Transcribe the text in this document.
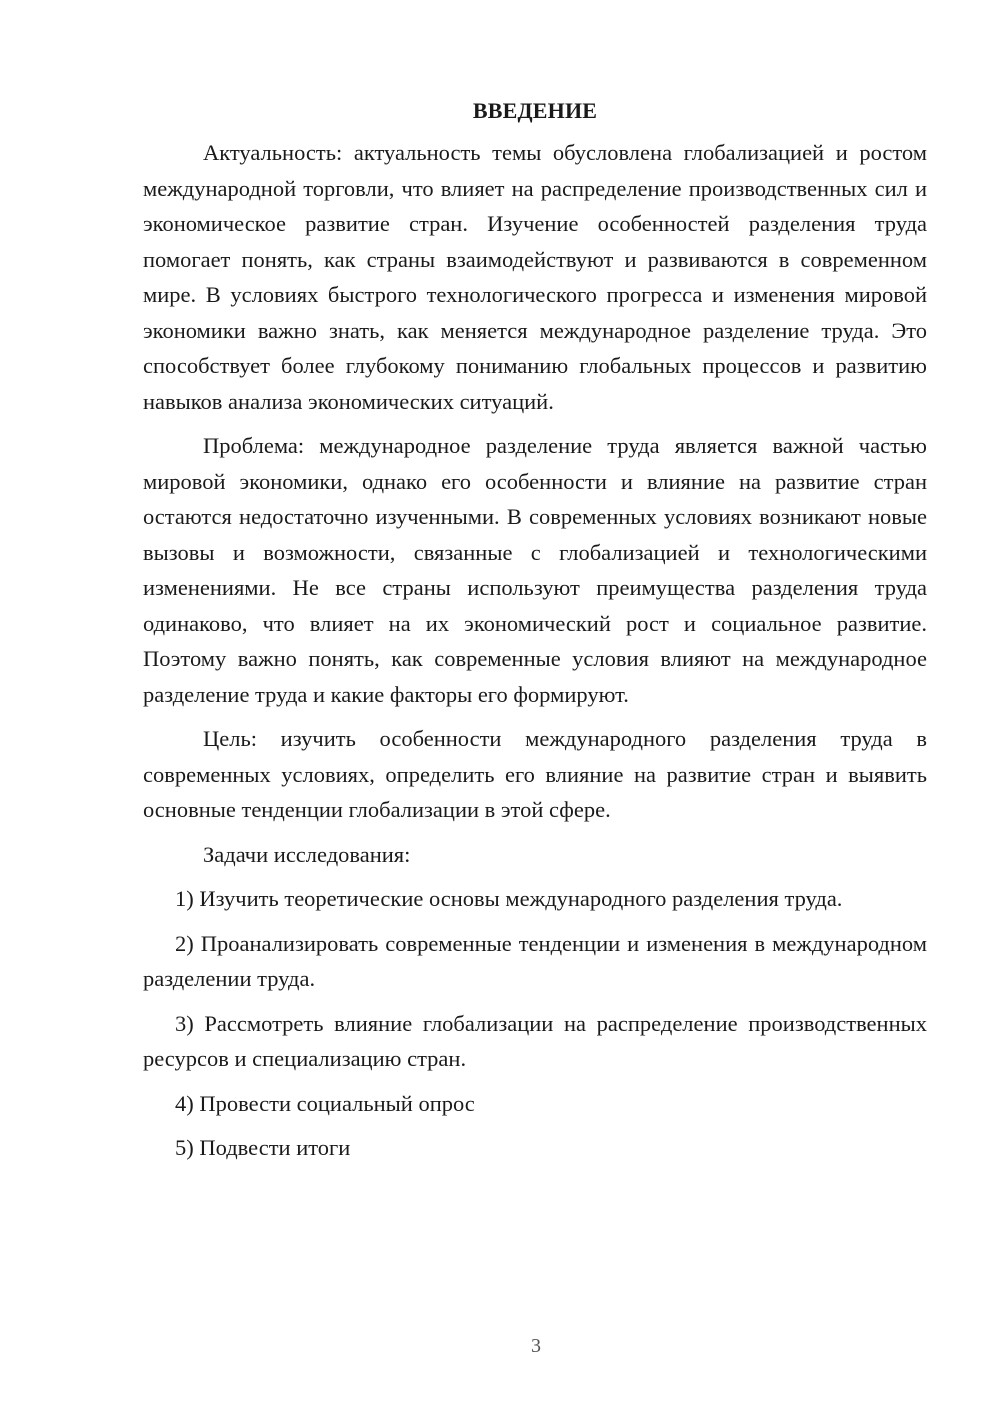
ВВЕДЕНИЕ

Актуальность: актуальность темы обусловлена глобализацией и ростом международной торговли, что влияет на распределение производственных сил и экономическое развитие стран. Изучение особенностей разделения труда помогает понять, как страны взаимодействуют и развиваются в современном мире. В условиях быстрого технологического прогресса и изменения мировой экономики важно знать, как меняется международное разделение труда. Это способствует более глубокому пониманию глобальных процессов и развитию навыков анализа экономических ситуаций.

Проблема: международное разделение труда является важной частью мировой экономики, однако его особенности и влияние на развитие стран остаются недостаточно изученными. В современных условиях возникают новые вызовы и возможности, связанные с глобализацией и технологическими изменениями. Не все страны используют преимущества разделения труда одинаково, что влияет на их экономический рост и социальное развитие. Поэтому важно понять, как современные условия влияют на международное разделение труда и какие факторы его формируют.

Цель: изучить особенности международного разделения труда в современных условиях, определить его влияние на развитие стран и выявить основные тенденции глобализации в этой сфере.

Задачи исследования:

1) Изучить теоретические основы международного разделения труда.

2) Проанализировать современные тенденции и изменения в международном разделении труда.

3) Рассмотреть влияние глобализации на распределение производственных ресурсов и специализацию стран.

4) Провести социальный опрос

5) Подвести итоги

3
